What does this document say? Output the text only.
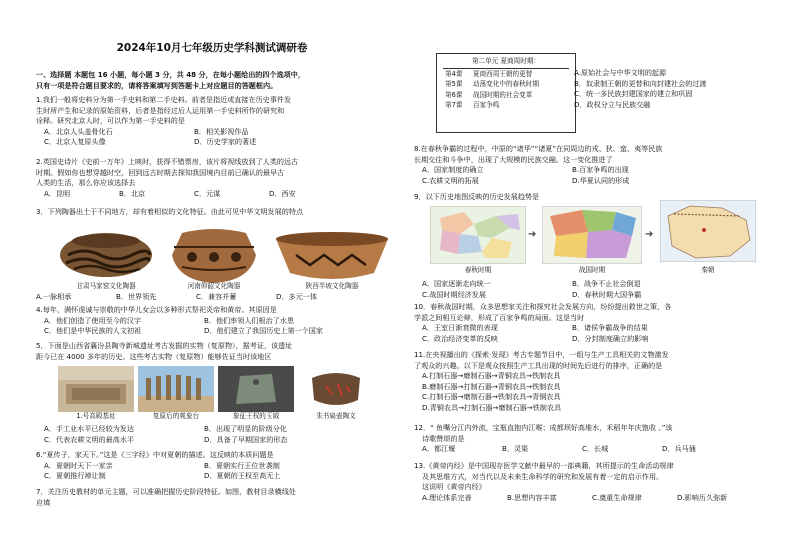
2024年10月七年级历史学科测试调研卷
一、选择题 本题包 16 小题，每小题 3 分，共 48 分，在每小题给出的四个选项中，
只有一项是符合题目要求的，请将答案填写到答题卡上对应题目的答题框内。
1.我们一般将史料分为第一手史料和第二手史料。前者是指近或直接在历史事件发
生时所产生和记录的原始资料，后者是指经过后人运用第一手史料所作的研究和
诠释。研究北京人时，可以作为第一手史料的是
A．北京人头盖骨化石	B．相关影视作品
C．北京人复原头像	D．历史学家的著述
2.英国史诗片《史前一万年》上映时，获得不错票房，该片将视线放到了人类的远古
时期。假如你也想穿越时空，回到远古时期去探知我国境内目前已确认的最早古
人类的生活，那么你应该选择去
A．昆明	B．北京	C．元谋	D．西安
3．下列陶器出土于不同地方，却有着相似的文化特征。由此可见中华文明发展的特点
甘肃马家窑文化陶器	河南仰韶文化陶器	陕西半坡文化陶器
A.一脉相承	B．世界领先	C．兼容并蓄	D．多元一体
4.每年，满怀虔诚与崇敬的中华儿女会以多种形式祭祀炎帝和黄帝。其原因是
A．他们创造了使用至今的汉字	B．他们率领人们根治了水患
C．他们是中华民族的人文初祖	D．他们建立了我国历史上第一个国家
5．下面是山西省襄汾县陶寺新城遗址考古发掘的实物（复原物），据考证，该遗址
距今已在 4000 多年的历史。这些考古实物（复原物）能够佐证当时该地区
1.号高殿基址	复原后的观象台	象征王权的玉钺	朱书扁壶陶文
A．手工业水平已经较为发达	B．出现了明显的阶级分化
C．代表农耕文明的最高水平	D．具备了早期国家的形态
6.“夏传子，家天下。”这是《三字经》中对夏朝的描述。这反映的本质问题是
A．夏朝时天下一家亲	B．夏朝实行王位世袭制
C．夏朝推行禅让制	D．夏朝的王权至高无上
7．关注历史教材的单元主题，可以准确把握历史阶段特征。如图，教材目录横线处
应填
第二单元 夏商周时期：
第4课 夏商西周王朝的更替
第5课 动荡变化中的春秋时期
第6课 战国时期的社会变革
第7课 百家争鸣
A.原始社会与中华文明的起源
B．奴隶制王朝的更替和向封建社会的过渡
C．统一多民族封建国家的建立和巩固
D．政权分立与民族交融
8.在春秋争霸的过程中，中原的“诸华”“诸夏”在同周边的戎、狄、蛮、夷等民族
长期交往和斗争中，出现了大规模的民族交融。这一变化推进了
A．国家制度的确立	B.百家争鸣的出现
C.农耕文明的拓展	D.华夏认同的形成
9．以下历史地图反映的历史发展趋势是
春秋时期	战国时期	秦朝
➔	➔
A．国家逐渐走向统一	B．战争不止社会倒退
C.战国时期经济发展	D．春秋时期大国争霸
10．春秋战国时期，众多思想家关注和探究社会发展方向，纷纷提出救世之策，各
学派之间相互论辩，形成了百家争鸣的局面。这是当时
A．王室日渐衰微的表现	B．诸侯争霸战争的结果
C．政治经济变革的反映	D．分封制度确立的影响
11.在央视播出的《探索·发现》考古专题节目中，一组与生产工具相关的文物激发
了观众的兴趣。以下是观众按照生产工具出现的时间先后进行的排序，正确的是
A.打制石器→磨制石器→青铜农具→铁制农具
B.磨制石器→打制石器→青铜农具→铁制农具
C.打制石器→磨制石器→铁制农具→青铜农具
D.青铜农具→打制石器→磨制石器→铁制农具
12．“ 鱼嘴分江内外流，宝瓶直抱内江喉；成都坝好高堆水，禾稻年年庆饱收 。”该
诗歌赞颂的是
A．都江堰	B．灵渠	C．长城	D．兵马俑
13.《黄帝内经》是中国现存医学文献中最早的一部典籍，其所提示的生命活动规律
及其思维方式，对当代以及未来生命科学的研究和发展有着一定的启示作用。
这说明《黄帝内经》
A.理论体系完善	B.思想内容丰富	C.奠重生命规律	D.影响历久弥新
